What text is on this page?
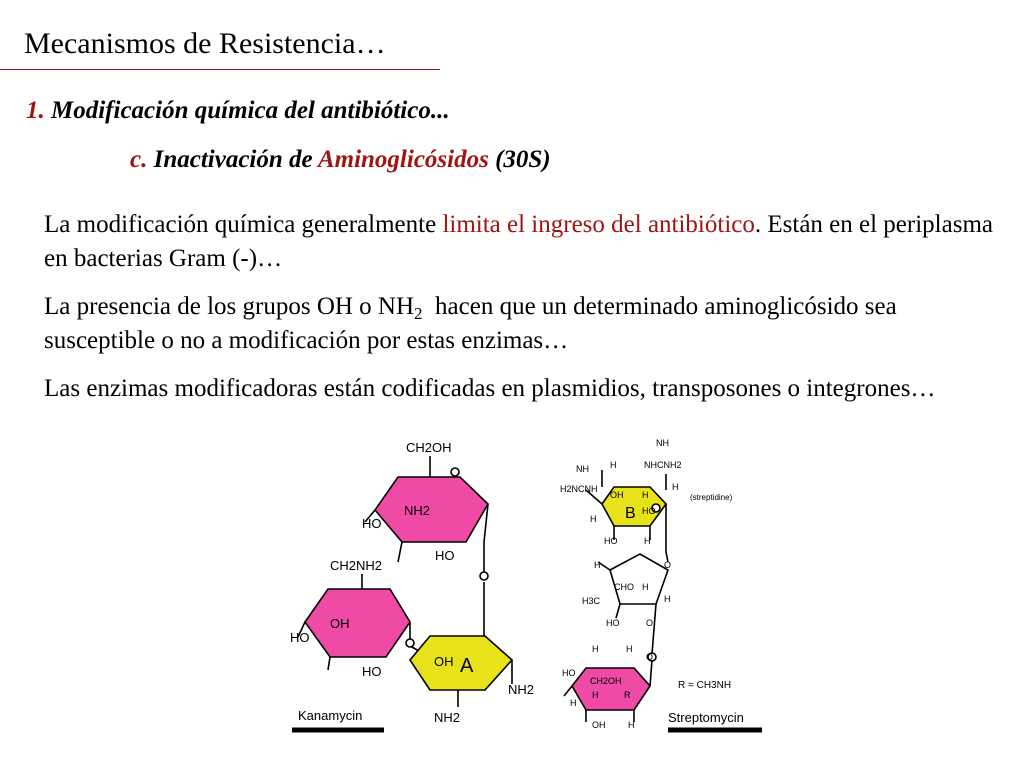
Mecanismos de Resistencia…
1. Modificación química del antibiótico...
c. Inactivación de Aminoglicósidos (30S)
La modificación química generalmente limita el ingreso del antibiótico. Están en el periplasma en bacterias Gram (-)…
La presencia de los grupos OH o $NH_2$ hacen que un determinado aminoglicósido sea susceptible o no a modificación por estas enzimas…
Las enzimas modificadoras están codificadas en plasmidios, transposones o integrones…
CH2OH
NH2
HO
HO
CH2NH2
OH
HO
HO
OH A
NH2
NH2
Kanamycin
NH
H	NHCNH2
H2NCNH
OH H
H
HO
H
HO	H
NH
B
(streptidine)
H	O
CHO H
H3C	H
HO	O
H
HO
CH2OH
H	R
H
OH	H
O
H
R = CH3NH
Streptomycin
